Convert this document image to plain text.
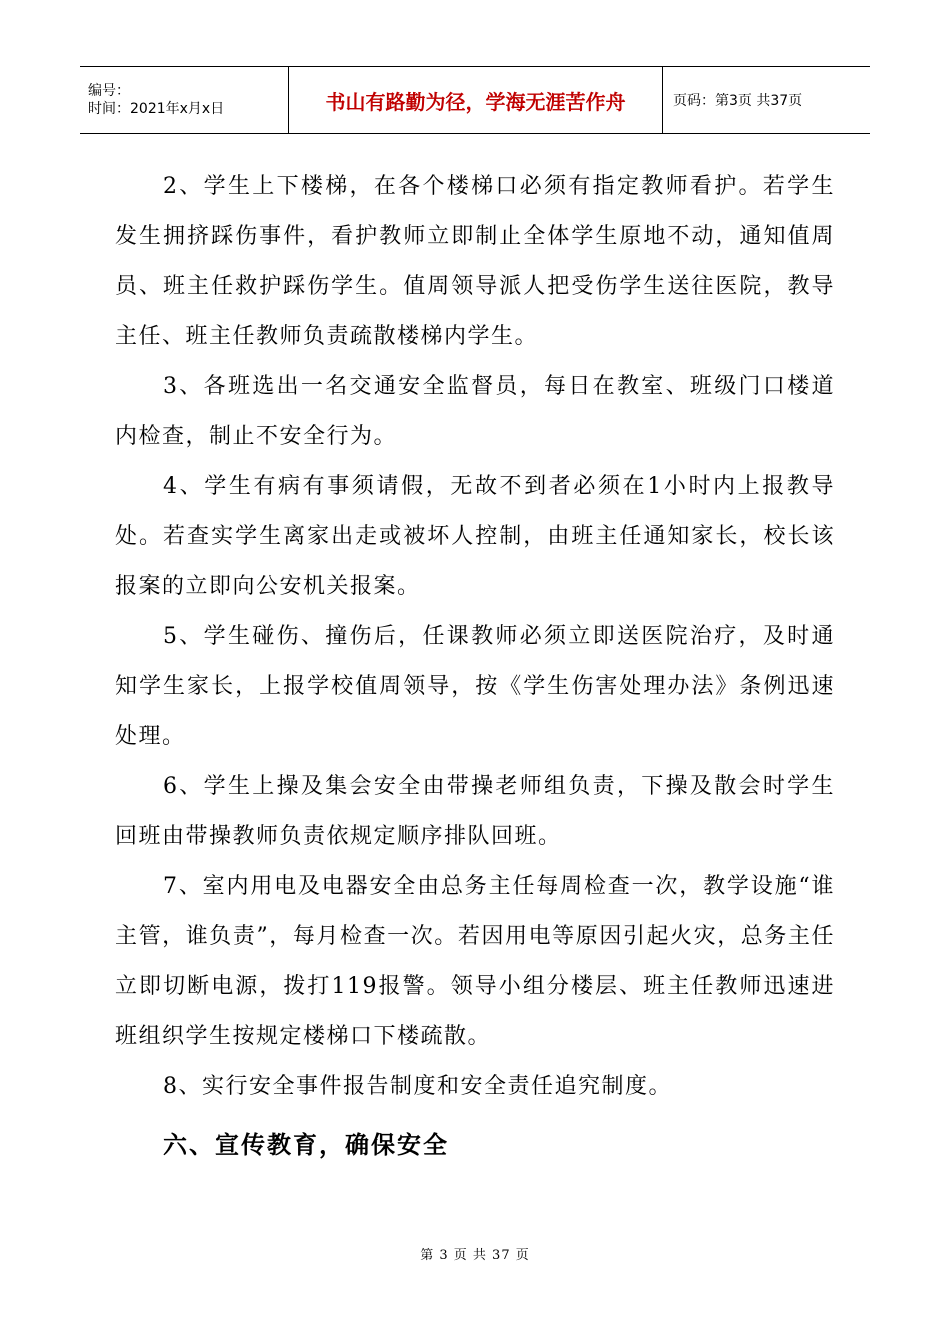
编号：
时间：2021年x月x日	书山有路勤为径，学海无涯苦作舟	页码：第3页 共37页

2、学生上下楼梯，在各个楼梯口必须有指定教师看护。若学生发生拥挤踩伤事件，看护教师立即制止全体学生原地不动，通知值周员、班主任救护踩伤学生。值周领导派人把受伤学生送往医院，教导主任、班主任教师负责疏散楼梯内学生。

3、各班选出一名交通安全监督员，每日在教室、班级门口楼道内检查，制止不安全行为。

4、学生有病有事须请假，无故不到者必须在1小时内上报教导处。若查实学生离家出走或被坏人控制，由班主任通知家长，校长该报案的立即向公安机关报案。

5、学生碰伤、撞伤后，任课教师必须立即送医院治疗，及时通知学生家长，上报学校值周领导，按《学生伤害处理办法》条例迅速处理。

6、学生上操及集会安全由带操老师组负责，下操及散会时学生回班由带操教师负责依规定顺序排队回班。

7、室内用电及电器安全由总务主任每周检查一次，教学设施“谁主管，谁负责”，每月检查一次。若因用电等原因引起火灾，总务主任立即切断电源，拨打119报警。领导小组分楼层、班主任教师迅速进班组织学生按规定楼梯口下楼疏散。

8、实行安全事件报告制度和安全责任追究制度。

六、宣传教育，确保安全

第 3 页 共 37 页
